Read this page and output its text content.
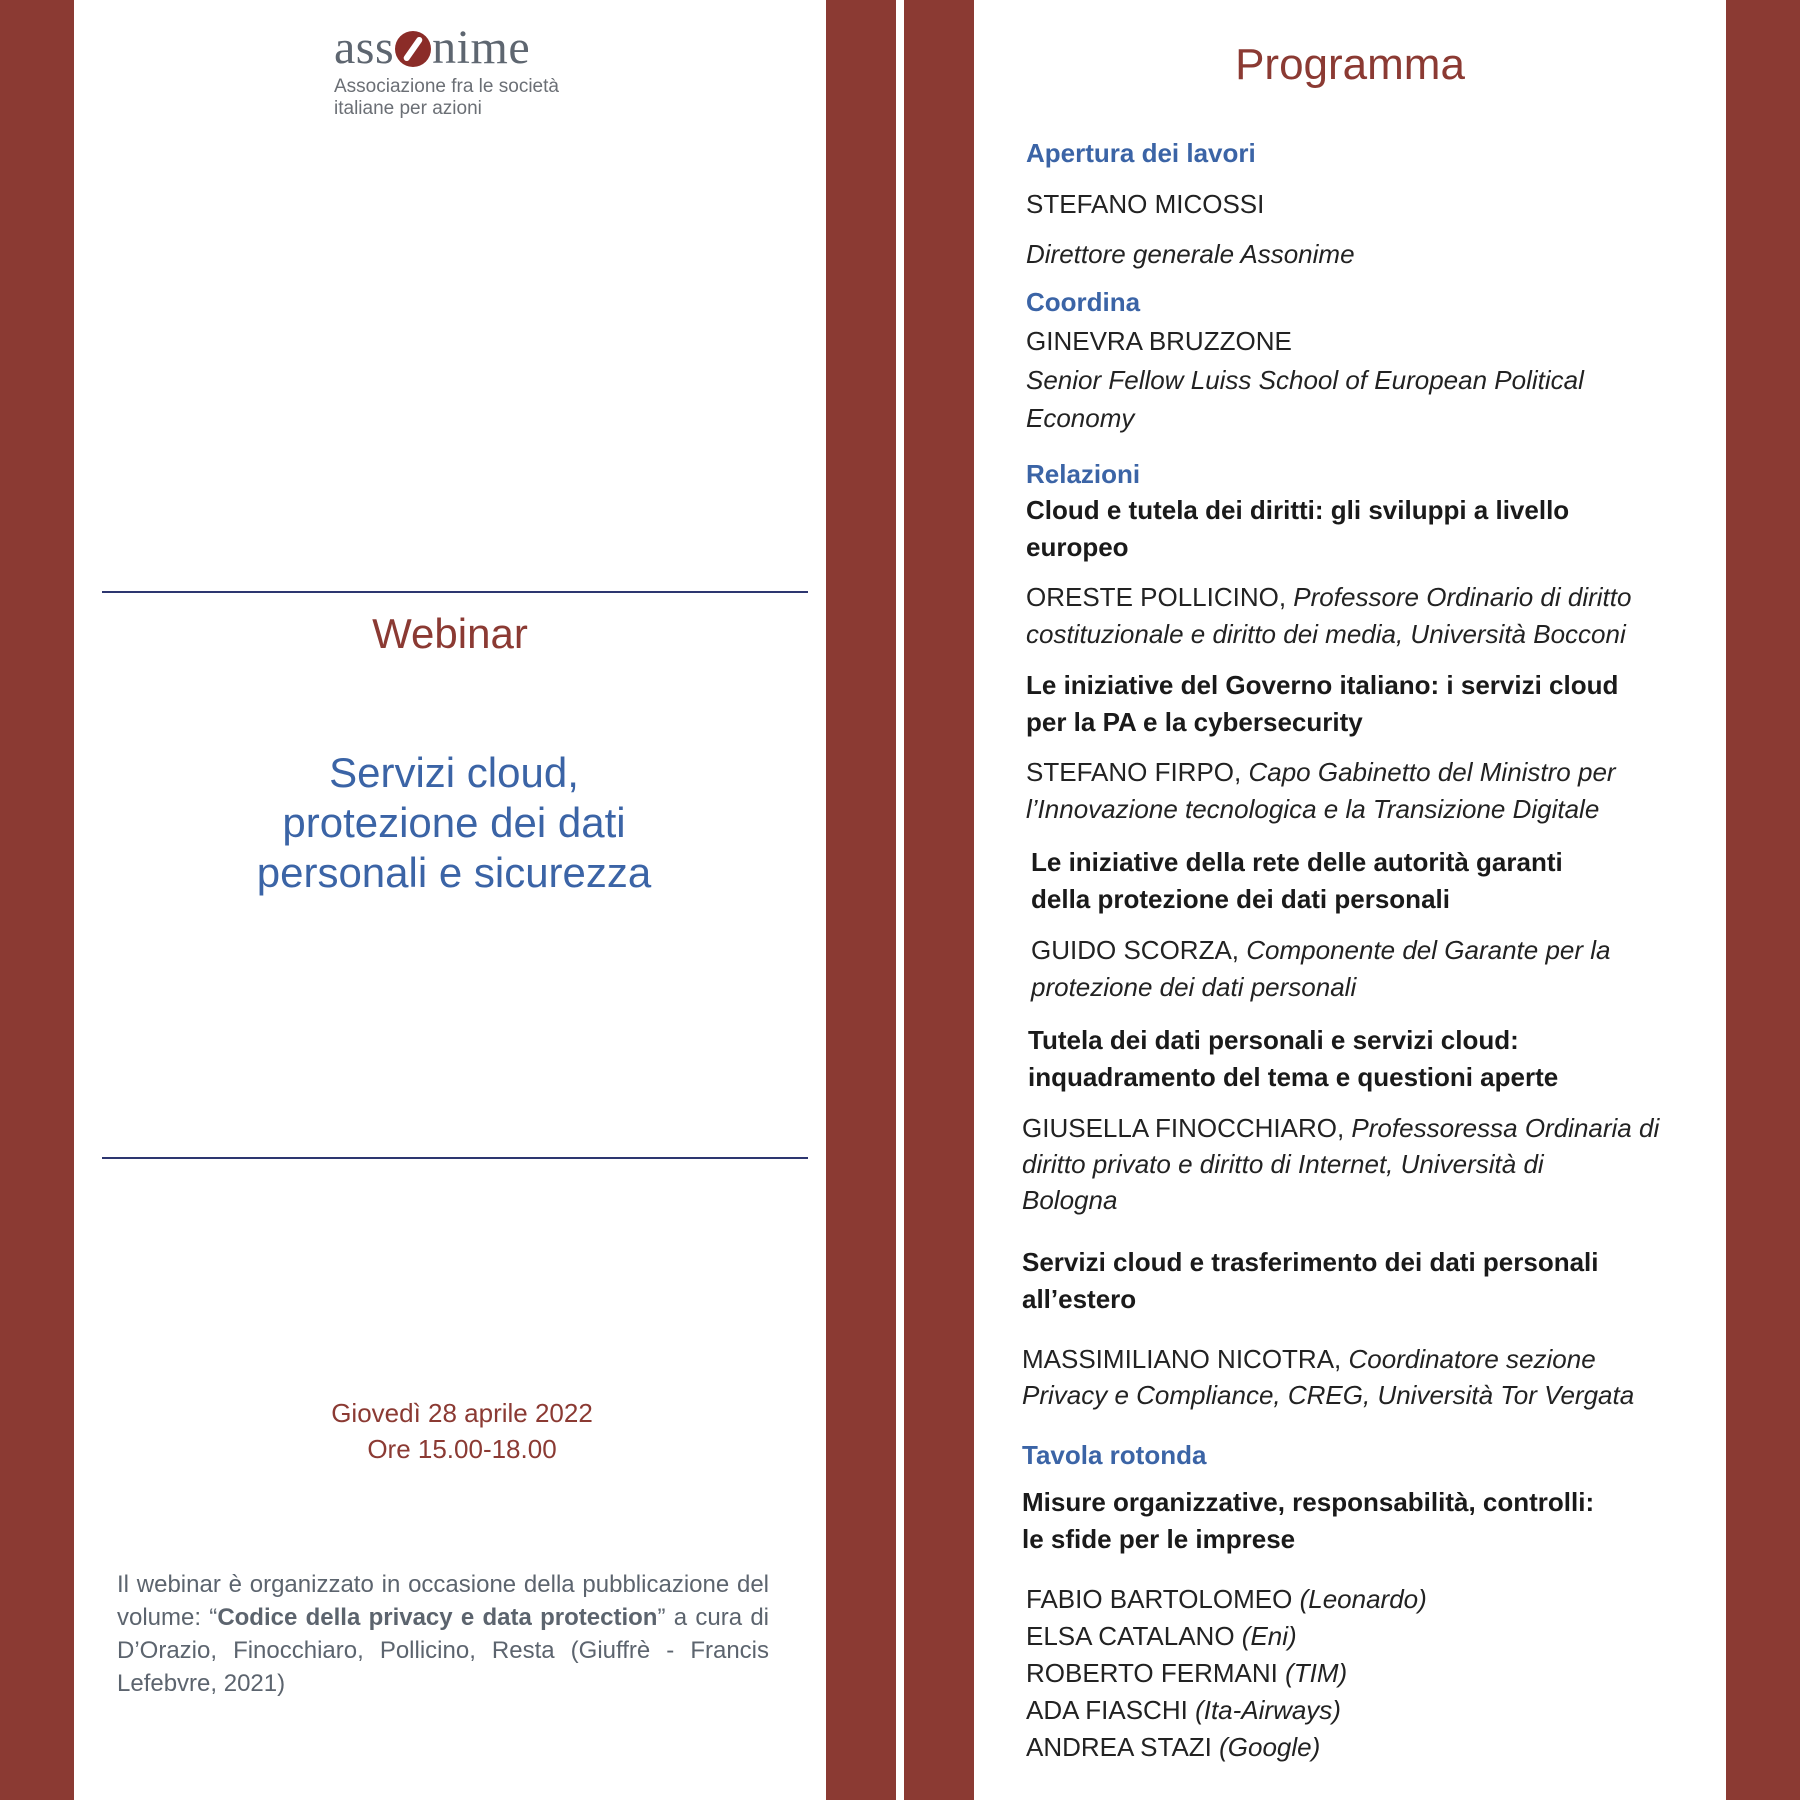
ass nime
Associazione fra le società
italiane per azioni
Webinar
Servizi cloud,
protezione dei dati
personali e sicurezza
Giovedì 28 aprile 2022
Ore 15.00-18.00
Il webinar è organizzato in occasione della pubblicazione del volume: “Codice della privacy e data protection” a cura di D’Orazio, Finocchiaro, Pollicino, Resta (Giuffrè - Francis Lefebvre, 2021)
Programma
Apertura dei lavori
STEFANO MICOSSI
Direttore generale Assonime
Coordina
GINEVRA BRUZZONE
Senior Fellow Luiss School of European Political
Economy
Relazioni
Cloud e tutela dei diritti: gli sviluppi a livello
europeo
ORESTE POLLICINO, Professore Ordinario di diritto
costituzionale e diritto dei media, Università Bocconi
Le iniziative del Governo italiano: i servizi cloud
per la PA e la cybersecurity
STEFANO FIRPO, Capo Gabinetto del Ministro per
l’Innovazione tecnologica e la Transizione Digitale
Le iniziative della rete delle autorità garanti
della protezione dei dati personali
GUIDO SCORZA, Componente del Garante per la
protezione dei dati personali
Tutela dei dati personali e servizi cloud:
inquadramento del tema e questioni aperte
GIUSELLA FINOCCHIARO, Professoressa Ordinaria di
diritto privato e diritto di Internet, Università di
Bologna
Servizi cloud e trasferimento dei dati personali
all’estero
MASSIMILIANO NICOTRA, Coordinatore sezione
Privacy e Compliance, CREG, Università Tor Vergata
Tavola rotonda
Misure organizzative, responsabilità, controlli:
le sfide per le imprese
FABIO BARTOLOMEO (Leonardo)
ELSA CATALANO (Eni)
ROBERTO FERMANI (TIM)
ADA FIASCHI (Ita-Airways)
ANDREA STAZI (Google)
